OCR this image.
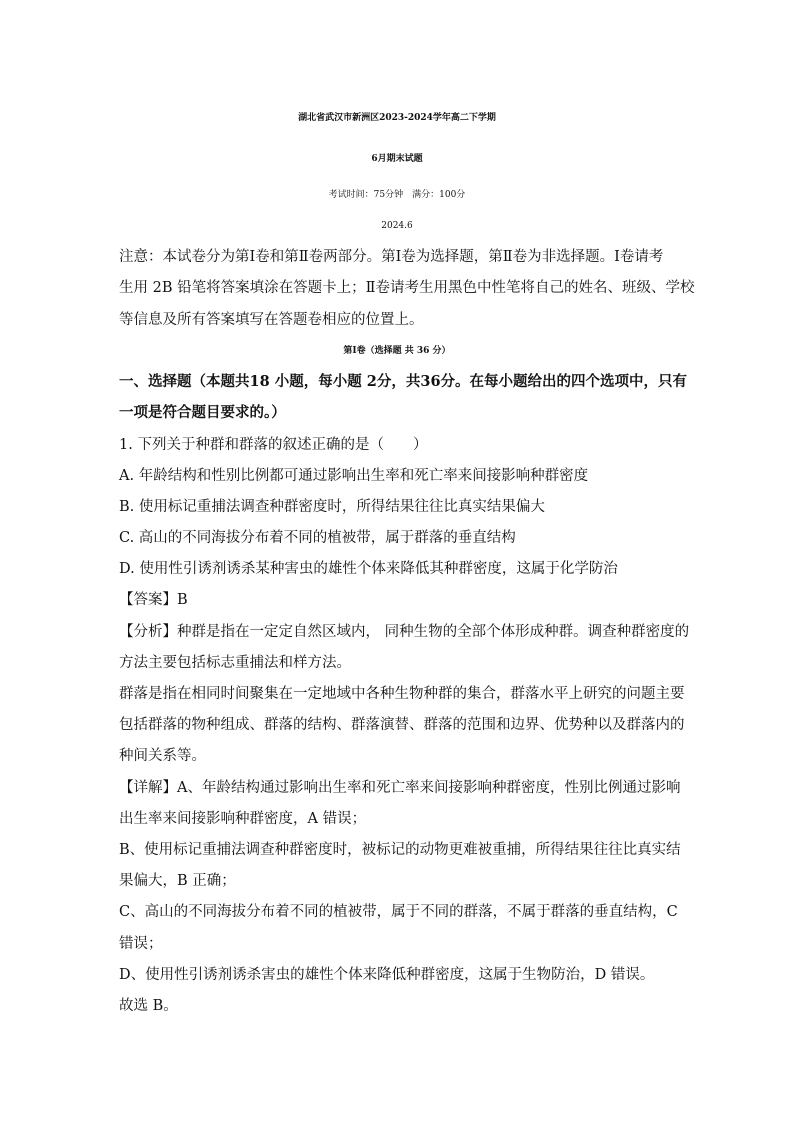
湖北省武汉市新洲区2023-2024学年高二下学期
6月期末试题
考试时间：75分钟　满分：100分
2024.6
注意：本试卷分为第Ⅰ卷和第Ⅱ卷两部分。第Ⅰ卷为选择题，第Ⅱ卷为非选择题。Ⅰ卷请考
生用 2B 铅笔将答案填涂在答题卡上；Ⅱ卷请考生用黑色中性笔将自己的姓名、班级、学校
等信息及所有答案填写在答题卷相应的位置上。
第Ⅰ卷（选择题 共 36 分）
一、选择题（本题共18 小题，每小题 2分，共36分。在每小题给出的四个选项中，只有
一项是符合题目要求的。）
1. 下列关于种群和群落的叙述正确的是（　　）
A. 年龄结构和性别比例都可通过影响出生率和死亡率来间接影响种群密度
B. 使用标记重捕法调查种群密度时，所得结果往往比真实结果偏大
C. 高山的不同海拔分布着不同的植被带，属于群落的垂直结构
D. 使用性引诱剂诱杀某种害虫的雄性个体来降低其种群密度，这属于化学防治
【答案】B
【分析】种群是指在一定定自然区域内， 同种生物的全部个体形成种群。调查种群密度的
方法主要包括标志重捕法和样方法。
群落是指在相同时间聚集在一定地域中各种生物种群的集合，群落水平上研究的问题主要
包括群落的物种组成、群落的结构、群落演替、群落的范围和边界、优势种以及群落内的
种间关系等。
【详解】A、年龄结构通过影响出生率和死亡率来间接影响种群密度，性别比例通过影响
出生率来间接影响种群密度，A 错误；
B、使用标记重捕法调查种群密度时，被标记的动物更难被重捕，所得结果往往比真实结
果偏大，B 正确；
C、高山的不同海拔分布着不同的植被带，属于不同的群落，不属于群落的垂直结构，C
错误；
D、使用性引诱剂诱杀害虫的雄性个体来降低种群密度，这属于生物防治，D 错误。
故选 B。
